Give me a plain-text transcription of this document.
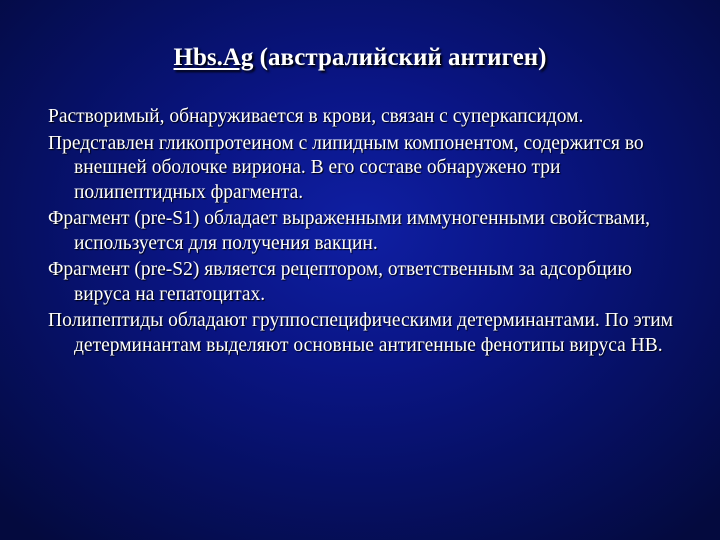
Hbs.Ag (австралийский антиген)

Растворимый, обнаруживается в крови, связан с суперкапсидом.

Представлен гликопротеином с липидным компонентом, содержится во внешней оболочке вириона. В его составе обнаружено три полипептидных фрагмента.

Фрагмент (pre-S1) обладает выраженными иммуногенными свойствами, используется для получения вакцин.

Фрагмент (pre-S2) является рецептором, ответственным за адсорбцию вируса на гепатоцитах.

Полипептиды обладают группоспецифическими детерминантами. По этим детерминантам выделяют основные антигенные фенотипы вируса НВ.
